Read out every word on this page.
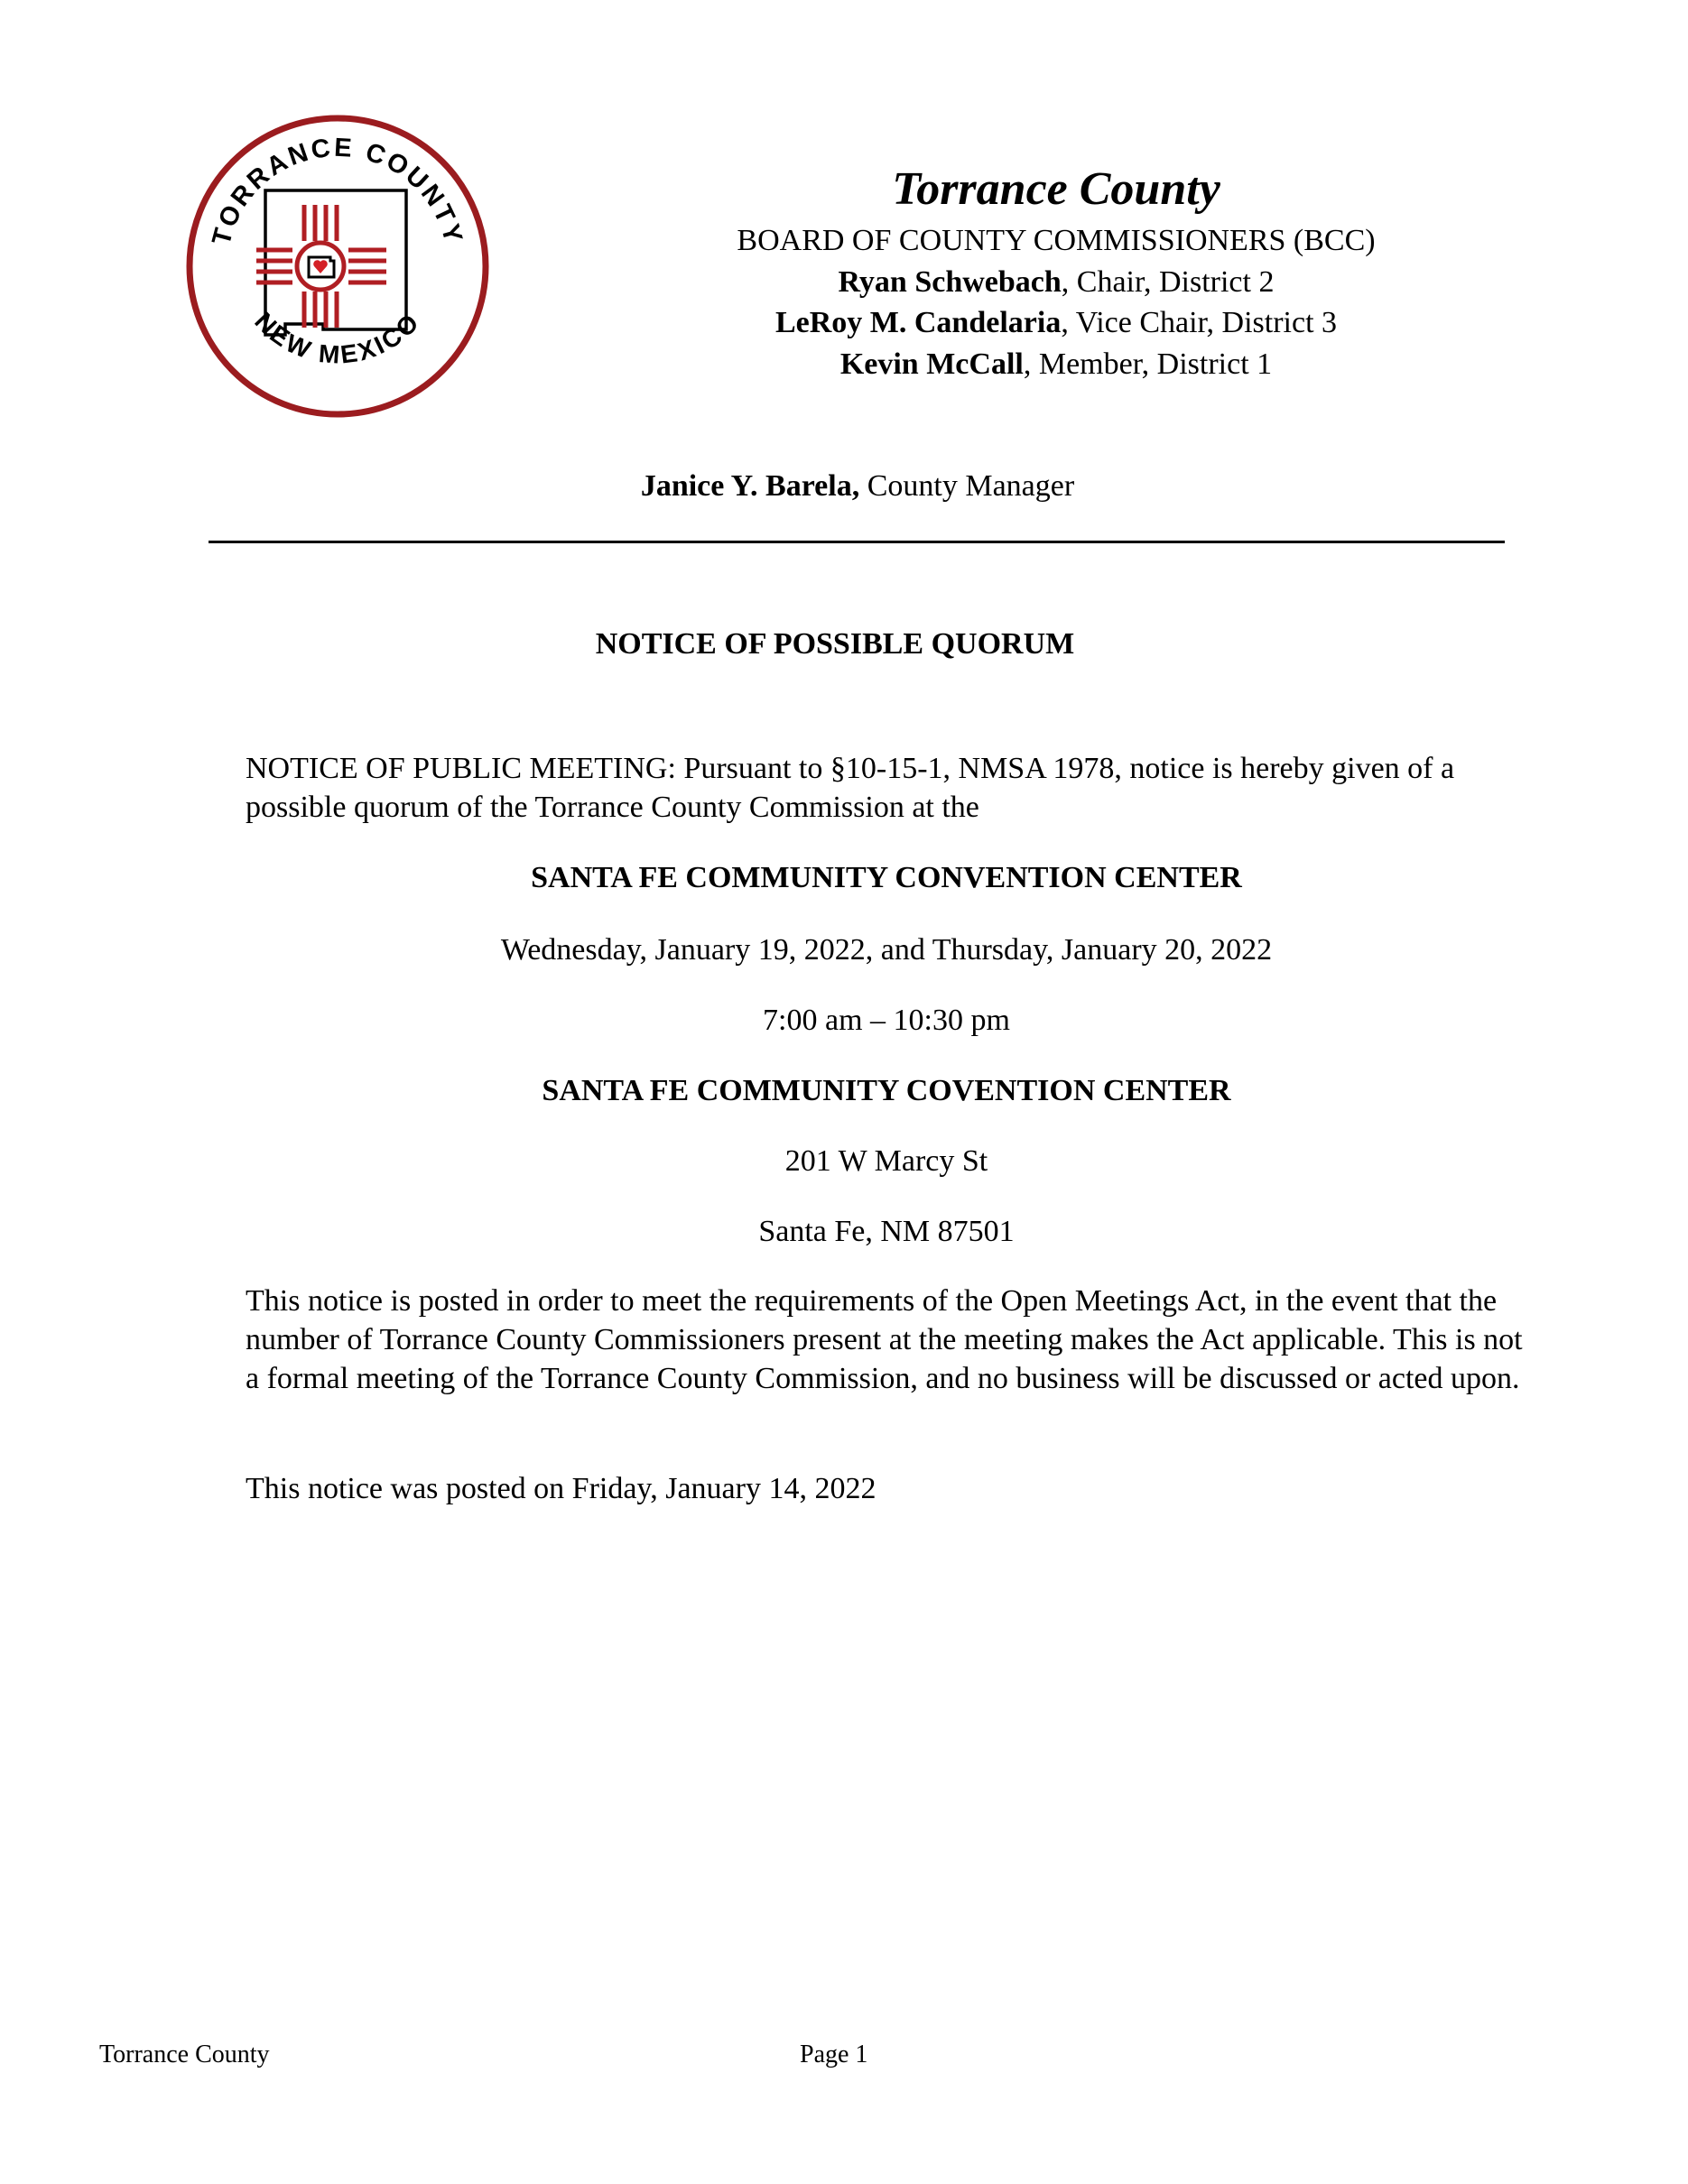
TORRANCE COUNTY
NEW MEXICO
Torrance County
BOARD OF COUNTY COMMISSIONERS (BCC)
Ryan Schwebach, Chair, District 2
LeRoy M. Candelaria, Vice Chair, District 3
Kevin McCall, Member, District 1
Janice Y. Barela, County Manager
NOTICE OF POSSIBLE QUORUM
NOTICE OF PUBLIC MEETING: Pursuant to §10-15-1, NMSA 1978, notice is hereby given of a possible quorum of the Torrance County Commission at the
SANTA FE COMMUNITY CONVENTION CENTER
Wednesday, January 19, 2022, and Thursday, January 20, 2022
7:00 am – 10:30 pm
SANTA FE COMMUNITY COVENTION CENTER
201 W Marcy St
Santa Fe, NM 87501
This notice is posted in order to meet the requirements of the Open Meetings Act, in the event that the number of Torrance County Commissioners present at the meeting makes the Act applicable. This is not a formal meeting of the Torrance County Commission, and no business will be discussed or acted upon.
This notice was posted on Friday, January 14, 2022
Torrance County	Page 1
